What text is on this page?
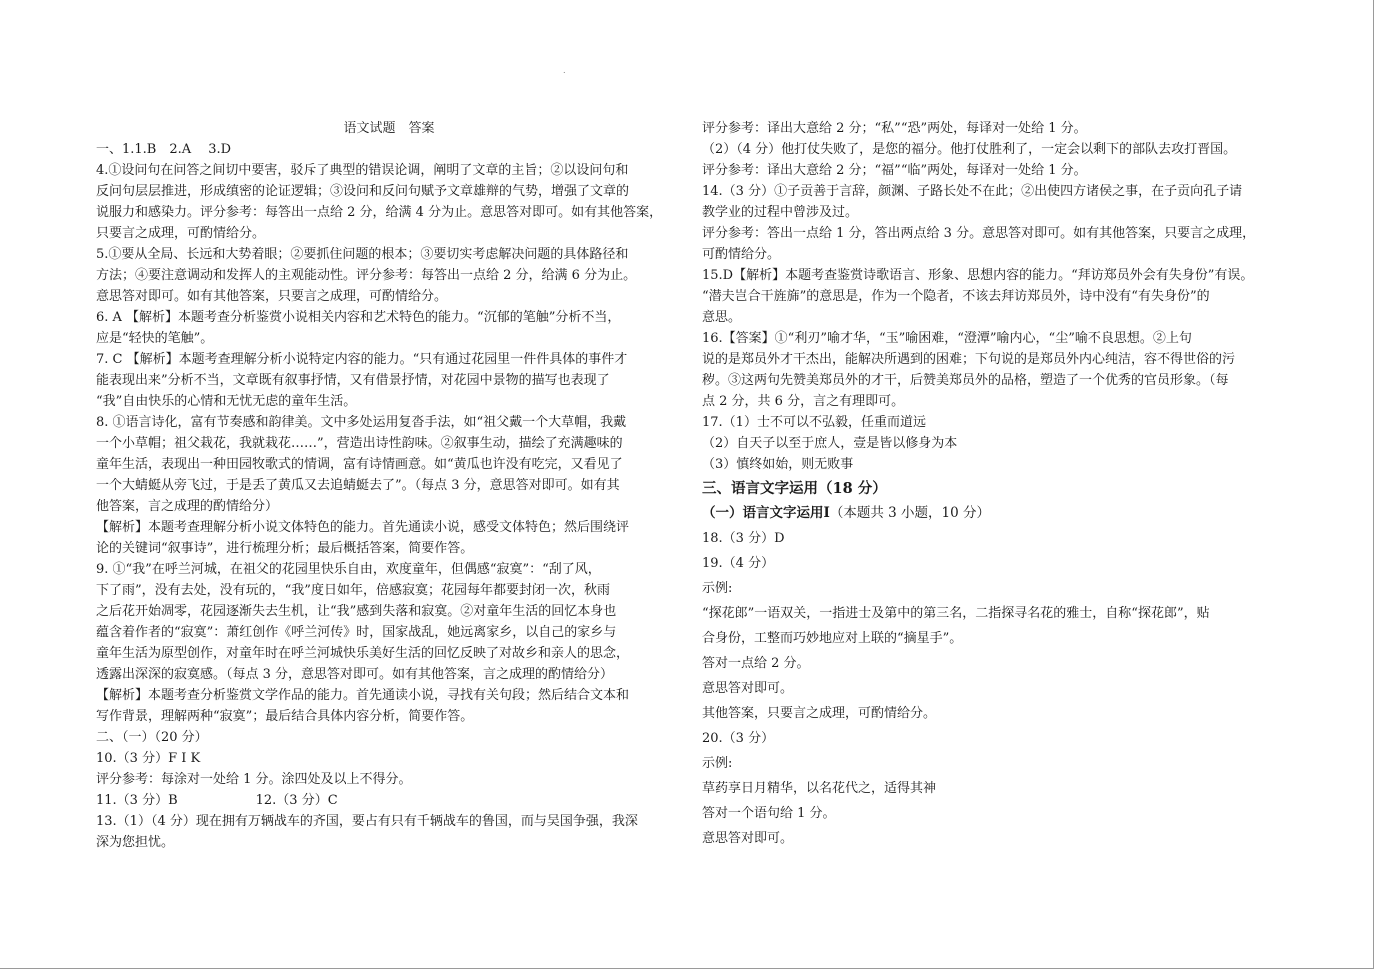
.
语文试题　答案
一、1.1.B　2.A　 3.D
4.①设问句在问答之间切中要害，驳斥了典型的错误论调，阐明了文章的主旨；②以设问句和
反问句层层推进，形成缜密的论证逻辑；③设问和反问句赋予文章雄辩的气势，增强了文章的
说服力和感染力。评分参考：每答出一点给 2 分，给满 4 分为止。意思答对即可。如有其他答案，
只要言之成理，可酌情给分。
5.①要从全局、长远和大势着眼；②要抓住问题的根本；③要切实考虑解决问题的具体路径和
方法；④要注意调动和发挥人的主观能动性。评分参考：每答出一点给 2 分，给满 6 分为止。
意思答对即可。如有其他答案，只要言之成理，可酌情给分。
6. A 【解析】本题考查分析鉴赏小说相关内容和艺术特色的能力。“沉郁的笔触”分析不当，
应是“轻快的笔触”。
7. C 【解析】本题考查理解分析小说特定内容的能力。“只有通过花园里一件件具体的事件才
能表现出来”分析不当，文章既有叙事抒情，又有借景抒情，对花园中景物的描写也表现了
“我”自由快乐的心情和无忧无虑的童年生活。
8. ①语言诗化，富有节奏感和韵律美。文中多处运用复沓手法，如“祖父戴一个大草帽，我戴
一个小草帽；祖父栽花，我就栽花……”，营造出诗性韵味。②叙事生动，描绘了充满趣味的
童年生活，表现出一种田园牧歌式的情调，富有诗情画意。如“黄瓜也许没有吃完，又看见了
一个大蜻蜓从旁飞过，于是丢了黄瓜又去追蜻蜓去了”。（每点 3 分，意思答对即可。如有其
他答案，言之成理的酌情给分）
【解析】本题考查理解分析小说文体特色的能力。首先通读小说，感受文体特色；然后围绕评
论的关键词“叙事诗”，进行梳理分析；最后概括答案，简要作答。
9. ①“我”在呼兰河城，在祖父的花园里快乐自由，欢度童年，但偶感“寂寞”：“刮了风，
下了雨”，没有去处，没有玩的，“我”度日如年，倍感寂寞；花园每年都要封闭一次，秋雨
之后花开始凋零，花园逐渐失去生机，让“我”感到失落和寂寞。②对童年生活的回忆本身也
蕴含着作者的“寂寞”：萧红创作《呼兰河传》时，国家战乱，她远离家乡，以自己的家乡与
童年生活为原型创作，对童年时在呼兰河城快乐美好生活的回忆反映了对故乡和亲人的思念，
透露出深深的寂寞感。（每点 3 分，意思答对即可。如有其他答案，言之成理的酌情给分）
【解析】本题考查分析鉴赏文学作品的能力。首先通读小说，寻找有关句段；然后结合文本和
写作背景，理解两种“寂寞”；最后结合具体内容分析，简要作答。
二、（一）（20 分）
10.（3 分）F I K
评分参考：每涂对一处给 1 分。涂四处及以上不得分。
11.（3 分）B　　　　　　12.（3 分）C
13.（1）（4 分）现在拥有万辆战车的齐国，要占有只有千辆战车的鲁国，而与吴国争强，我深
深为您担忧。
评分参考：译出大意给 2 分；“私”“恐”两处，每译对一处给 1 分。
（2）（4 分）他打仗失败了，是您的福分。他打仗胜利了，一定会以剩下的部队去攻打晋国。
评分参考：译出大意给 2 分；“福”“临”两处，每译对一处给 1 分。
14.（3 分）①子贡善于言辞，颜渊、子路长处不在此；②出使四方诸侯之事，在子贡向孔子请
教学业的过程中曾涉及过。
评分参考：答出一点给 1 分，答出两点给 3 分。意思答对即可。如有其他答案，只要言之成理，
可酌情给分。
15.D【解析】本题考查鉴赏诗歌语言、形象、思想内容的能力。“拜访郑员外会有失身份”有误。
“潜夫岂合干旌旆”的意思是，作为一个隐者，不该去拜访郑员外，诗中没有“有失身份”的
意思。
16.【答案】①“利刃”喻才华，“玉”喻困难，“澄潭”喻内心，“尘”喻不良思想。②上句
说的是郑员外才干杰出，能解决所遇到的困难；下句说的是郑员外内心纯洁，容不得世俗的污
秽。③这两句先赞美郑员外的才干，后赞美郑员外的品格，塑造了一个优秀的官员形象。（每
点 2 分，共 6 分，言之有理即可。
17.（1）士不可以不弘毅，任重而道远
（2）自天子以至于庶人，壹是皆以修身为本
（3）慎终如始，则无败事
三、语言文字运用（18 分）
（一）语言文字运用Ⅰ（本题共 3 小题，10 分）
18.（3 分）D
19.（4 分）
示例:
“探花郎”一语双关，一指进士及第中的第三名，二指探寻名花的雅士，自称“探花郎”，贴
合身份，工整而巧妙地应对上联的“摘星手”。
答对一点给 2 分。
意思答对即可。
其他答案，只要言之成理，可酌情给分。
20.（3 分）
示例:
草药享日月精华，以名花代之，适得其神
答对一个语句给 1 分。
意思答对即可。
